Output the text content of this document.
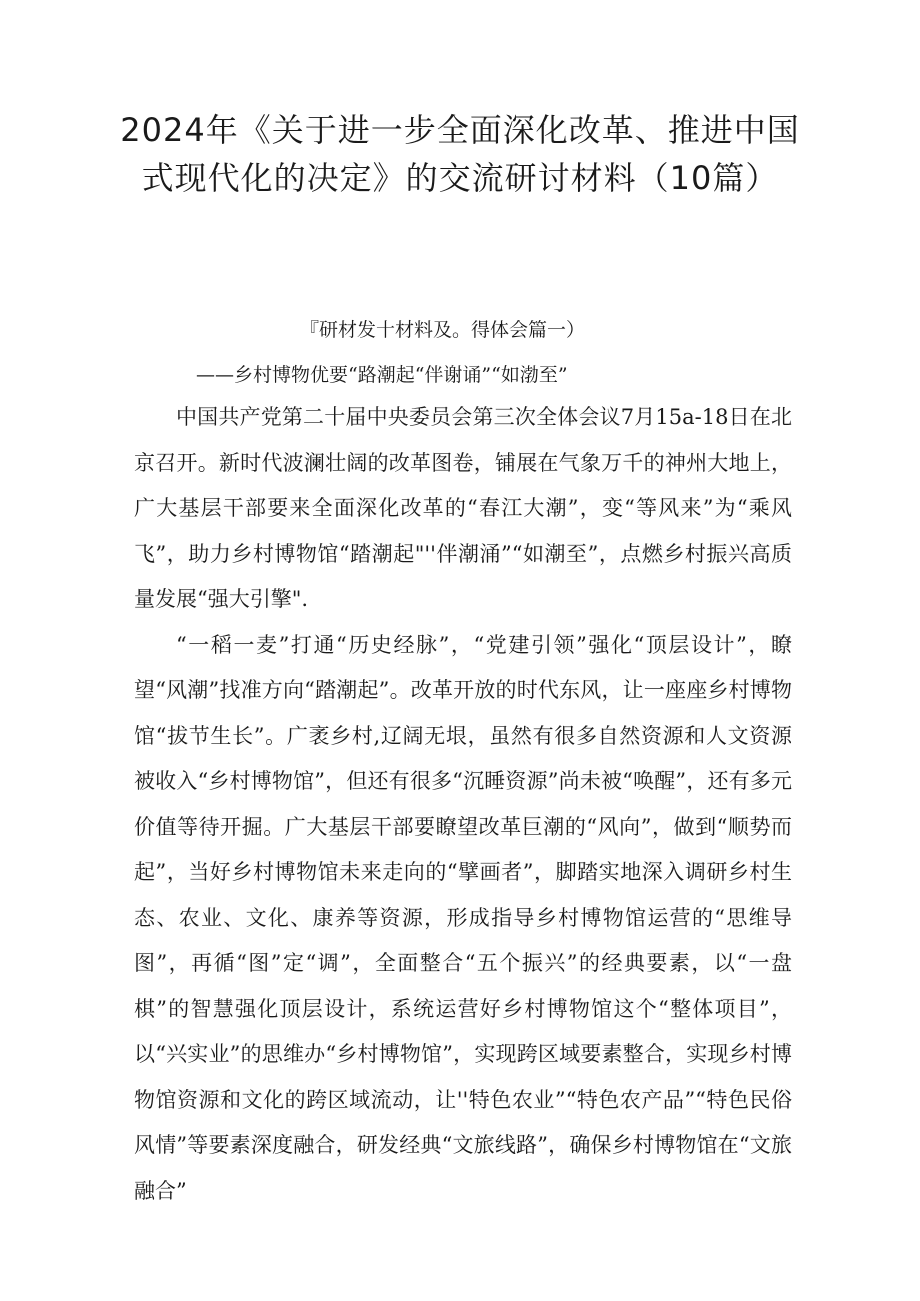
2024年《关于进一步全面深化改革、推进中国式现代化的决定》的交流研讨材料（10篇）
『研材发十材料及。得体会篇一）
——乡村博物优要“路潮起“伴谢诵”“如渤至”

中国共产党第二十届中央委员会第三次全体会议7月15a-18日在北京召开。新时代波澜壮阔的改革图卷，铺展在气象万千的神州大地上，广大基层干部要来全面深化改革的“春江大潮”，变“等风来”为“乘风飞”，助力乡村博物馆“踏潮起"''伴潮涌”“如潮至”，点燃乡村振兴高质量发展“强大引擎".

“一稻一麦”打通“历史经脉”，“党建引领”强化“顶层设计”，瞭望“风潮”找准方向“踏潮起”。改革开放的时代东风，让一座座乡村博物馆“拔节生长”。广袤乡村,辽阔无垠，虽然有很多自然资源和人文资源被收入“乡村博物馆”，但还有很多“沉睡资源”尚未被“唤醒”，还有多元价值等待开掘。广大基层干部要瞭望改革巨潮的“风向”，做到“顺势而起”，当好乡村博物馆未来走向的“擘画者”，脚踏实地深入调研乡村生态、农业、文化、康养等资源，形成指导乡村博物馆运营的“思维导图”，再循“图”定“调”，全面整合“五个振兴”的经典要素，以“一盘棋”的智慧强化顶层设计，系统运营好乡村博物馆这个“整体项目”，以“兴实业”的思维办“乡村博物馆”，实现跨区域要素整合，实现乡村博物馆资源和文化的跨区域流动，让''特色农业”“特色农产品”“特色民俗风情”等要素深度融合，研发经典“文旅线路”，确保乡村博物馆在“文旅融合”
